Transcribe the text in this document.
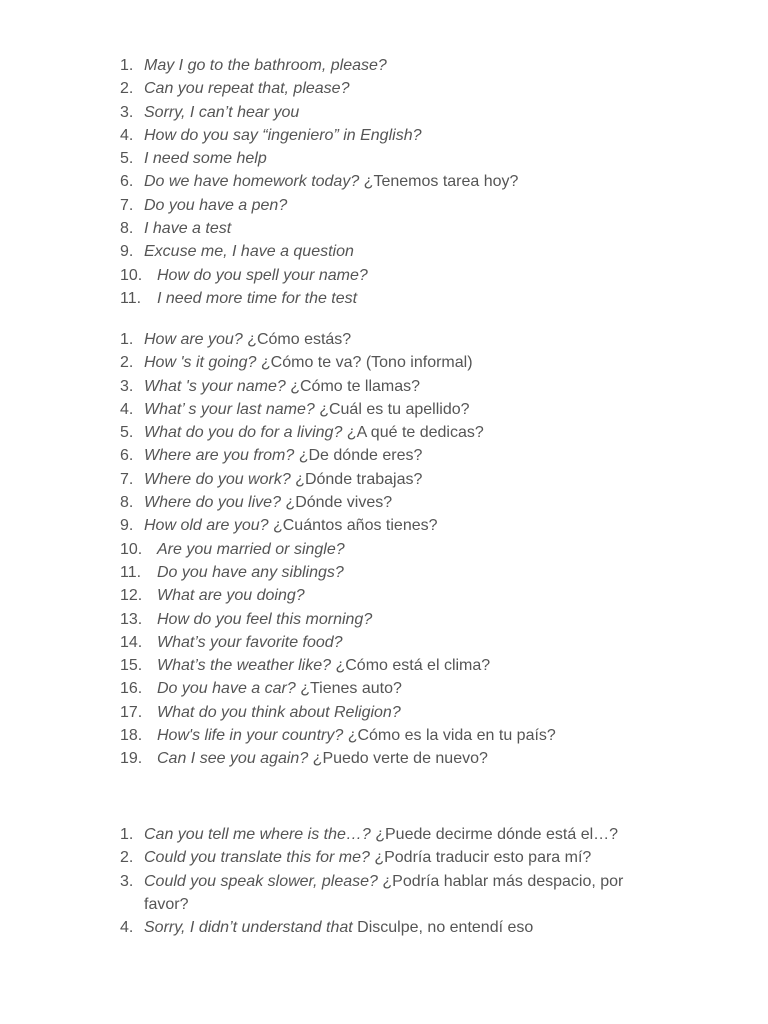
1. May I go to the bathroom, please?
2. Can you repeat that, please?
3. Sorry, I can’t hear you
4. How do you say “ingeniero” in English?
5. I need some help
6. Do we have homework today? ¿Tenemos tarea hoy?
7. Do you have a pen?
8. I have a test
9. Excuse me, I have a question
10. How do you spell your name?
11. I need more time for the test
1. How are you? ¿Cómo estás?
2. How 's it going? ¿Cómo te va? (Tono informal)
3. What 's your name? ¿Cómo te llamas?
4. What’ s your last name? ¿Cuál es tu apellido?
5. What do you do for a living? ¿A qué te dedicas?
6. Where are you from? ¿De dónde eres?
7. Where do you work? ¿Dónde trabajas?
8. Where do you live? ¿Dónde vives?
9. How old are you? ¿Cuántos años tienes?
10. Are you married or single?
11. Do you have any siblings?
12. What are you doing?
13. How do you feel this morning?
14. What’s your favorite food?
15. What’s the weather like? ¿Cómo está el clima?
16. Do you have a car? ¿Tienes auto?
17. What do you think about Religion?
18. How's life in your country? ¿Cómo es la vida en tu país?
19. Can I see you again? ¿Puedo verte de nuevo?
1. Can you tell me where is the…? ¿Puede decirme dónde está el…?
2. Could you translate this for me? ¿Podría traducir esto para mí?
3. Could you speak slower, please? ¿Podría hablar más despacio, por favor?
4. Sorry, I didn’t understand that Disculpe, no entendí eso
